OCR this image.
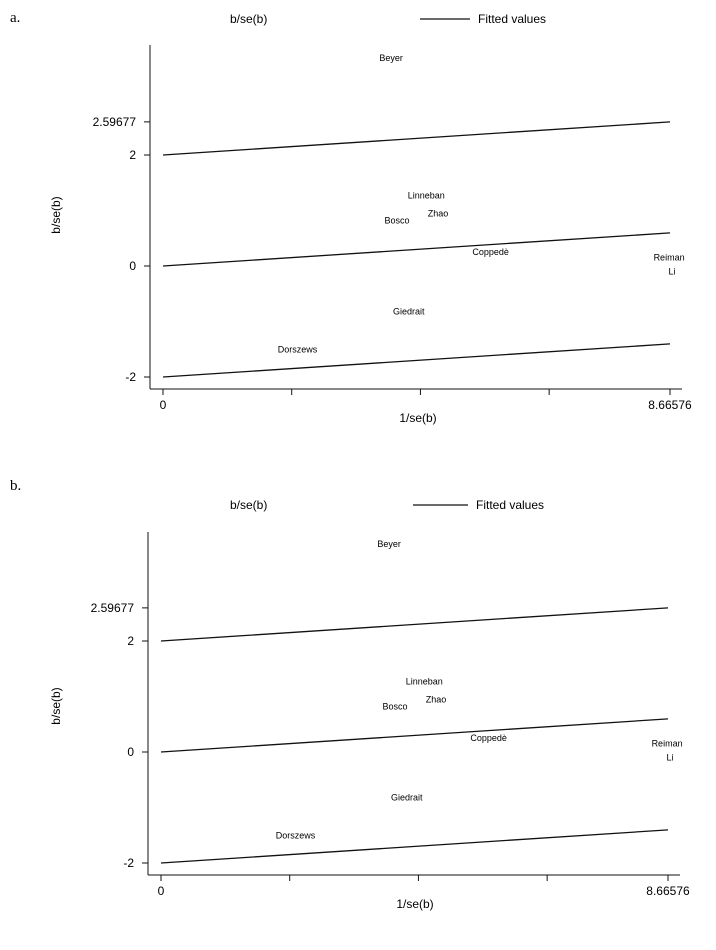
a.	b/se(b)	Fitted values
-2
0
2
2.59677
0	8.66576
b/se(b)
1/se(b)
Beyer
Linneban
Zhao
Bosco
Coppedè
Reiman
Li
Giedrait
Dorszews
b.
b/se(b)	Fitted values
-2
0
2
2.59677
0	8.66576
b/se(b)
1/se(b)
Beyer
Linneban
Zhao
Bosco
Coppedè
Reiman
Li
Giedrait
Dorszews
